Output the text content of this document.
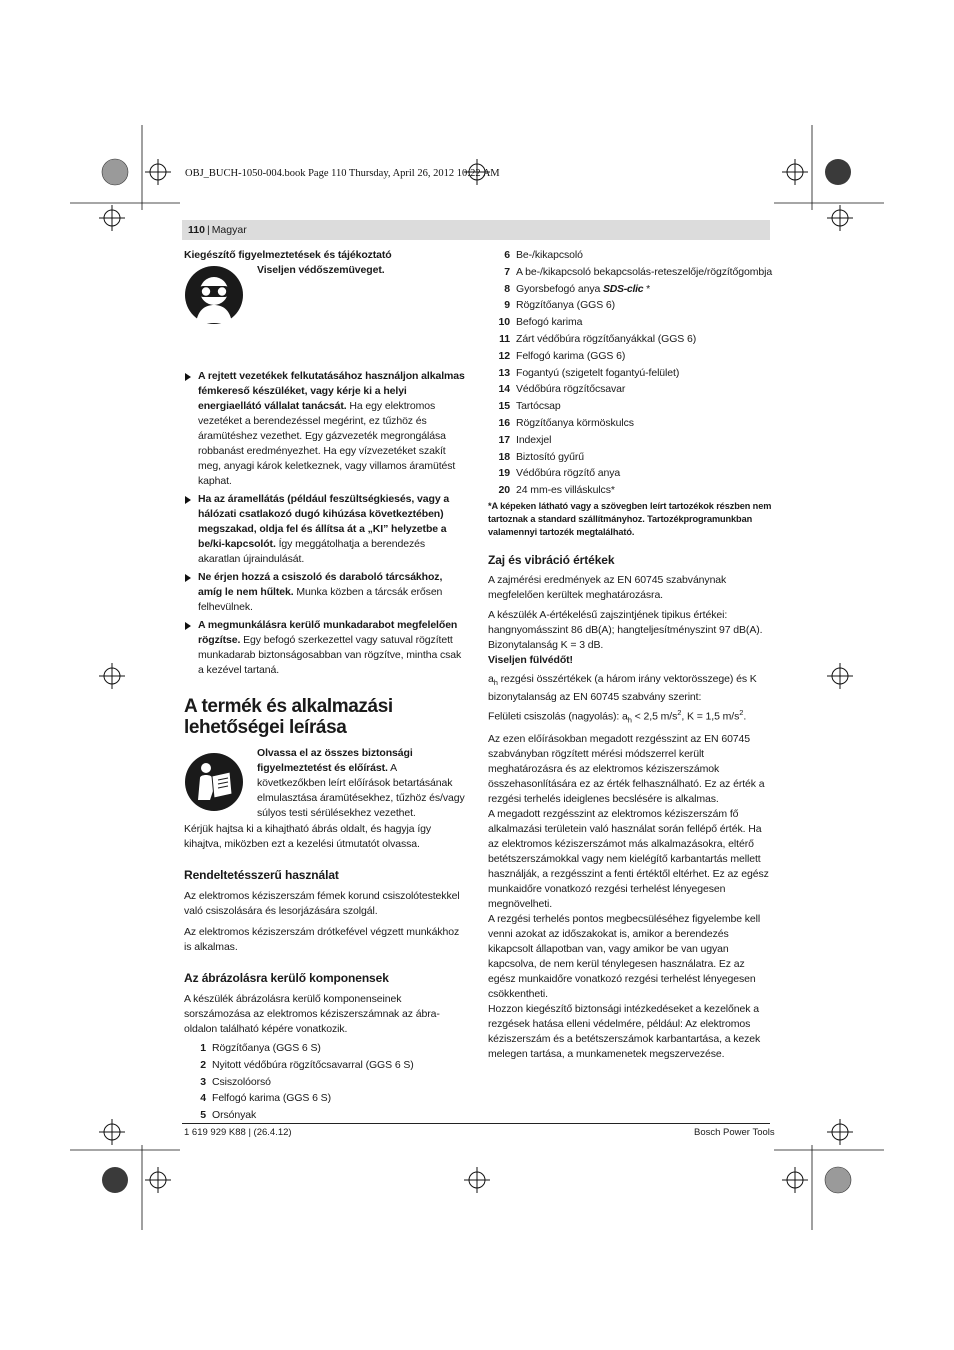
OBJ_BUCH-1050-004.book Page 110 Thursday, April 26, 2012 10:22 AM
110 | Magyar

Kiegészítő figyelmeztetések és tájékoztató

Viseljen védőszemüveget.

A rejtett vezetékek felkutatásához használjon alkalmas fémkereső készüléket, vagy kérje ki a helyi energiaellátó vállalat tanácsát. Ha egy elektromos vezetéket a berendezéssel megérint, ez tűzhöz és áramütéshez vezethet. Egy gázvezeték megrongálása robbanást eredményezhet. Ha egy vízvezetéket szakít meg, anyagi károk keletkeznek, vagy villamos áramütést kaphat.
Ha az áramellátás (például feszültségkiesés, vagy a hálózati csatlakozó dugó kihúzása következtében) megszakad, oldja fel és állítsa át a „KI” helyzetbe a be/ki-kapcsolót. Így meggátolhatja a berendezés akaratlan újraindulását.
Ne érjen hozzá a csiszoló és daraboló tárcsákhoz, amíg le nem hűltek. Munka közben a tárcsák erősen felhevülnek.
A megmunkálásra kerülő munkadarabot megfelelően rögzítse. Egy befogó szerkezettel vagy satuval rögzített munkadarab biztonságosabban van rögzítve, mintha csak a kezével tartaná.
A termék és alkalmazási lehetőségei leírása

Olvassa el az összes biztonsági figyelmeztetést és előírást. A következőkben leírt előírások betartásának elmulasztása áramütésekhez, tűzhöz és/vagy súlyos testi sérülésekhez vezethet.

Kérjük hajtsa ki a kihajtható ábrás oldalt, és hagyja így kihajtva, miközben ezt a kezelési útmutatót olvassa.

Rendeltetésszerű használat

Az elektromos kéziszerszám fémek korund csiszolótestekkel való csiszolására és lesorjázására szolgál.

Az elektromos kéziszerszám drótkefével végzett munkákhoz is alkalmas.

Az ábrázolásra kerülő komponensek

A készülék ábrázolásra kerülő komponenseinek sorszámozása az elektromos kéziszerszámnak az ábra-oldalon található képére vonatkozik.

1 Rögzítőanya (GGS 6 S)
2 Nyitott védőbúra rögzítőcsavarral (GGS 6 S)
3 Csiszolóorsó
4 Felfogó karima (GGS 6 S)
5 Orsónyak
6 Be-/kikapcsoló
7 A be-/kikapcsoló bekapcsolás-reteszelője/rögzítőgombja
8 Gyorsbefogó anya SDS-clic *
9 Rögzítőanya (GGS 6)
10 Befogó karima
11 Zárt védőbúra rögzítőanyákkal (GGS 6)
12 Felfogó karima (GGS 6)
13 Fogantyú (szigetelt fogantyú-felület)
14 Védőbúra rögzítőcsavar
15 Tartócsap
16 Rögzítőanya körmöskulcs
17 Indexjel
18 Biztosító gyűrű
19 Védőbúra rögzítő anya
20 24 mm-es villáskulcs*

*A képeken látható vagy a szövegben leírt tartozékok részben nem tartoznak a standard szállítmányhoz. Tartozékprogramunkban valamennyi tartozék megtalálható.

Zaj és vibráció értékek

A zajmérési eredmények az EN 60745 szabványnak megfelelően kerültek meghatározásra.

A készülék A-értékelésű zajszintjének tipikus értékei: hangnyomásszint 86 dB(A); hangteljesítményszint 97 dB(A). Bizonytalanság K = 3 dB.

Viseljen fülvédőt!

$a_h$ rezgési összértékek (a három irány vektorösszege) és K bizonytalanság az EN 60745 szabvány szerint:

Felületi csiszolás (nagyolás): $a_h < 2,5$ $m/s^2$, K = 1,5 $m/s^2$.

Az ezen előírásokban megadott rezgésszint az EN 60745 szabványban rögzített mérési módszerrel került meghatározásra és az elektromos kéziszerszámok összehasonlítására ez az érték felhasználható. Ez az érték a rezgési terhelés ideiglenes becslésére is alkalmas.

A megadott rezgésszint az elektromos kéziszerszám fő alkalmazási területein való használat során fellépő érték. Ha az elektromos kéziszerszámot más alkalmazásokra, eltérő betétszerszámokkal vagy nem kielégítő karbantartás mellett használják, a rezgésszint a fenti értéktől eltérhet. Ez az egész munkaidőre vonatkozó rezgési terhelést lényegesen megnövelheti.

A rezgési terhelés pontos megbecsüléséhez figyelembe kell venni azokat az időszakokat is, amikor a berendezés kikapcsolt állapotban van, vagy amikor be van ugyan kapcsolva, de nem kerül ténylegesen használatra. Ez az egész munkaidőre vonatkozó rezgési terhelést lényegesen csökkentheti.

Hozzon kiegészítő biztonsági intézkedéseket a kezelőnek a rezgések hatása elleni védelmére, például: Az elektromos kéziszerszám és a betétszerszámok karbantartása, a kezek melegen tartása, a munkamenetek megszervezése.

1 619 929 K88 | (26.4.12)	Bosch Power Tools
